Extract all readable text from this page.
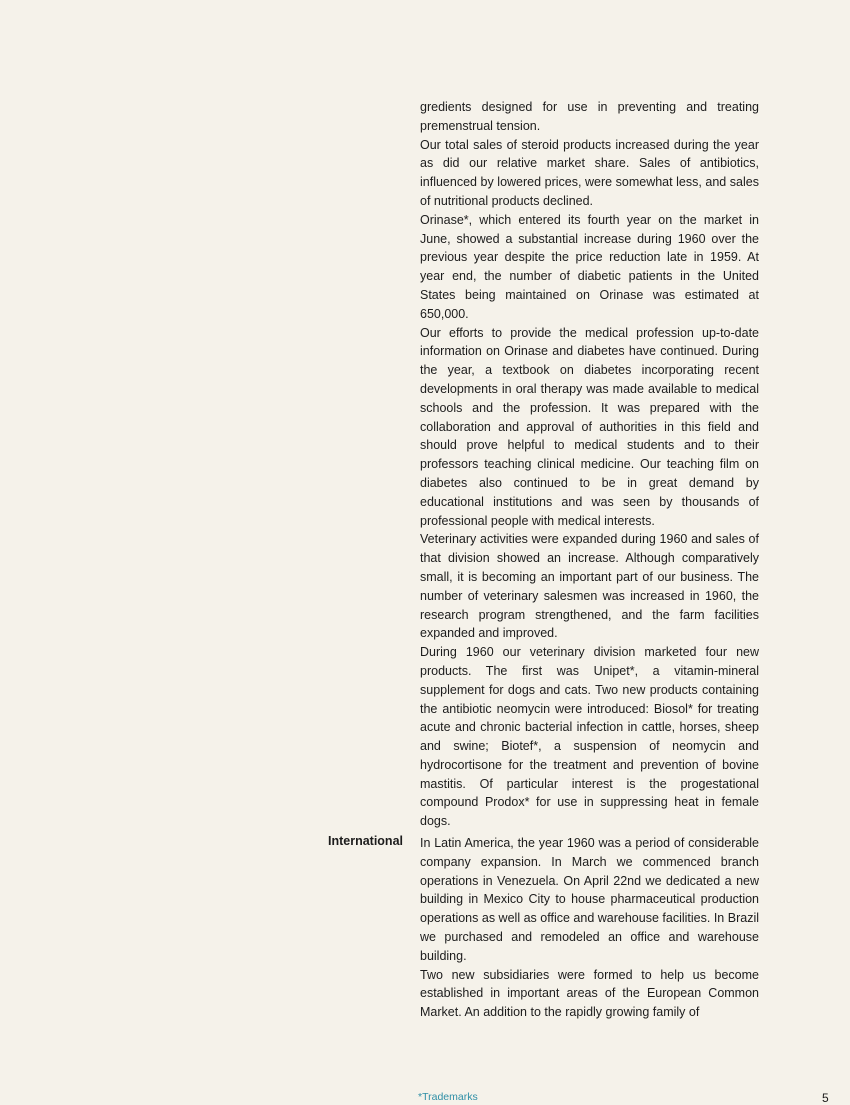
gredients designed for use in preventing and treating premenstrual tension.

Our total sales of steroid products increased during the year as did our relative market share. Sales of antibiotics, influenced by lowered prices, were somewhat less, and sales of nutritional products declined.

Orinase*, which entered its fourth year on the market in June, showed a substantial increase during 1960 over the previous year despite the price reduction late in 1959. At year end, the number of diabetic patients in the United States being maintained on Orinase was estimated at 650,000.

Our efforts to provide the medical profession up-to-date information on Orinase and diabetes have continued. During the year, a textbook on diabetes incorporating recent developments in oral therapy was made available to medical schools and the profession. It was prepared with the collaboration and approval of authorities in this field and should prove helpful to medical students and to their professors teaching clinical medicine. Our teaching film on diabetes also continued to be in great demand by educational institutions and was seen by thousands of professional people with medical interests.

Veterinary activities were expanded during 1960 and sales of that division showed an increase. Although comparatively small, it is becoming an important part of our business. The number of veterinary salesmen was increased in 1960, the research program strengthened, and the farm facilities expanded and improved.

During 1960 our veterinary division marketed four new products. The first was Unipet*, a vitamin-mineral supplement for dogs and cats. Two new products containing the antibiotic neomycin were introduced: Biosol* for treating acute and chronic bacterial infection in cattle, horses, sheep and swine; Biotef*, a suspension of neomycin and hydrocortisone for the treatment and prevention of bovine mastitis. Of particular interest is the progestational compound Prodox* for use in suppressing heat in female dogs.

International In Latin America, the year 1960 was a period of considerable company expansion. In March we commenced branch operations in Venezuela. On April 22nd we dedicated a new building in Mexico City to house pharmaceutical production operations as well as office and warehouse facilities. In Brazil we purchased and remodeled an office and warehouse building.

Two new subsidiaries were formed to help us become established in important areas of the European Common Market. An addition to the rapidly growing family of

*Trademarks	5
